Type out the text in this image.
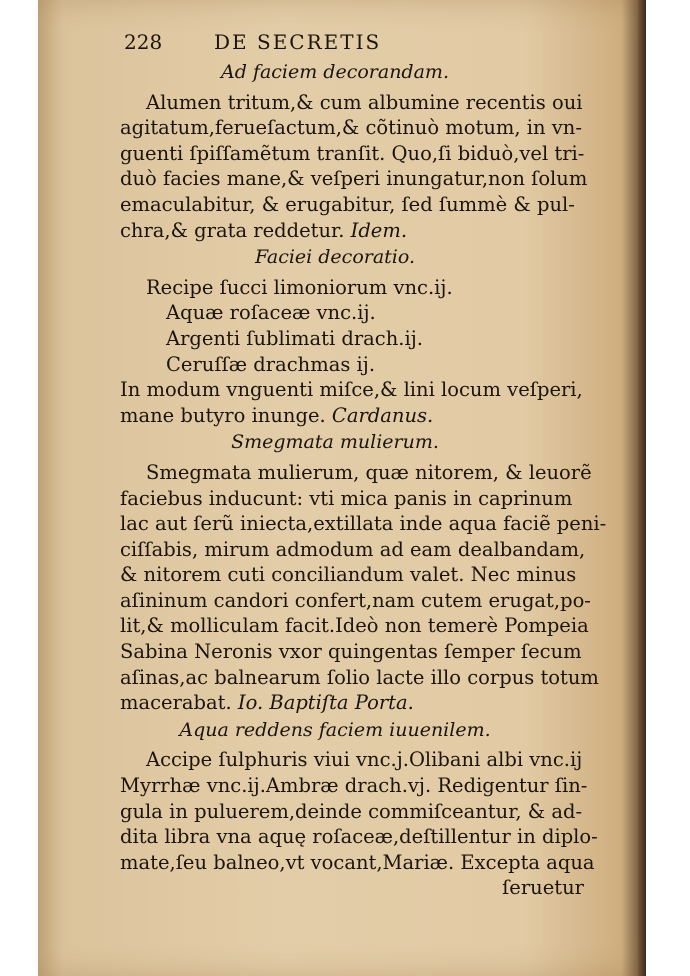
228	DE SECRETIS
Ad faciem decorandam.
Alumen tritum,& cum albumine recentis oui
agitatum,ferueſactum,& cõtinuò motum, in vn-
guenti ſpiſſamẽtum tranſit. Quo,ſi biduò,vel tri-
duò facies mane,& veſperi inungatur,non ſolum
emaculabitur, & erugabitur, ſed ſummè & pul-
chra,& grata reddetur. Idem.
Faciei decoratio.
Recipe ſucci limoniorum vnc.ij.
Aquæ roſaceæ vnc.ij.
Argenti ſublimati drach.ij.
Ceruſſæ drachmas ij.
In modum vnguenti miſce,& lini locum veſperi,
mane butyro inunge. Cardanus.
Smegmata mulierum.
Smegmata mulierum, quæ nitorem, & leuorẽ
faciebus inducunt: vti mica panis in caprinum
lac aut ſerũ iniecta,extillata inde aqua faciẽ peni-
ciſſabis, mirum admodum ad eam dealbandam,
& nitorem cuti conciliandum valet. Nec minus
aſininum candori confert,nam cutem erugat,po-
lit,& molliculam facit.Ideò non temerè Pompeia
Sabina Neronis vxor quingentas ſemper ſecum
aſinas,ac balnearum ſolio lacte illo corpus totum
macerabat. Io. Baptiſta Porta.
Aqua reddens faciem iuuenilem.
Accipe ſulphuris viui vnc.j.Olibani albi vnc.ij
Myrrhæ vnc.ij.Ambræ drach.vj. Redigentur ſin-
gula in puluerem,deinde commiſceantur, & ad-
dita libra vna aquę roſaceæ,deſtillentur in diplo-
mate,ſeu balneo,vt vocant,Mariæ. Excepta aqua
ſeruetur
